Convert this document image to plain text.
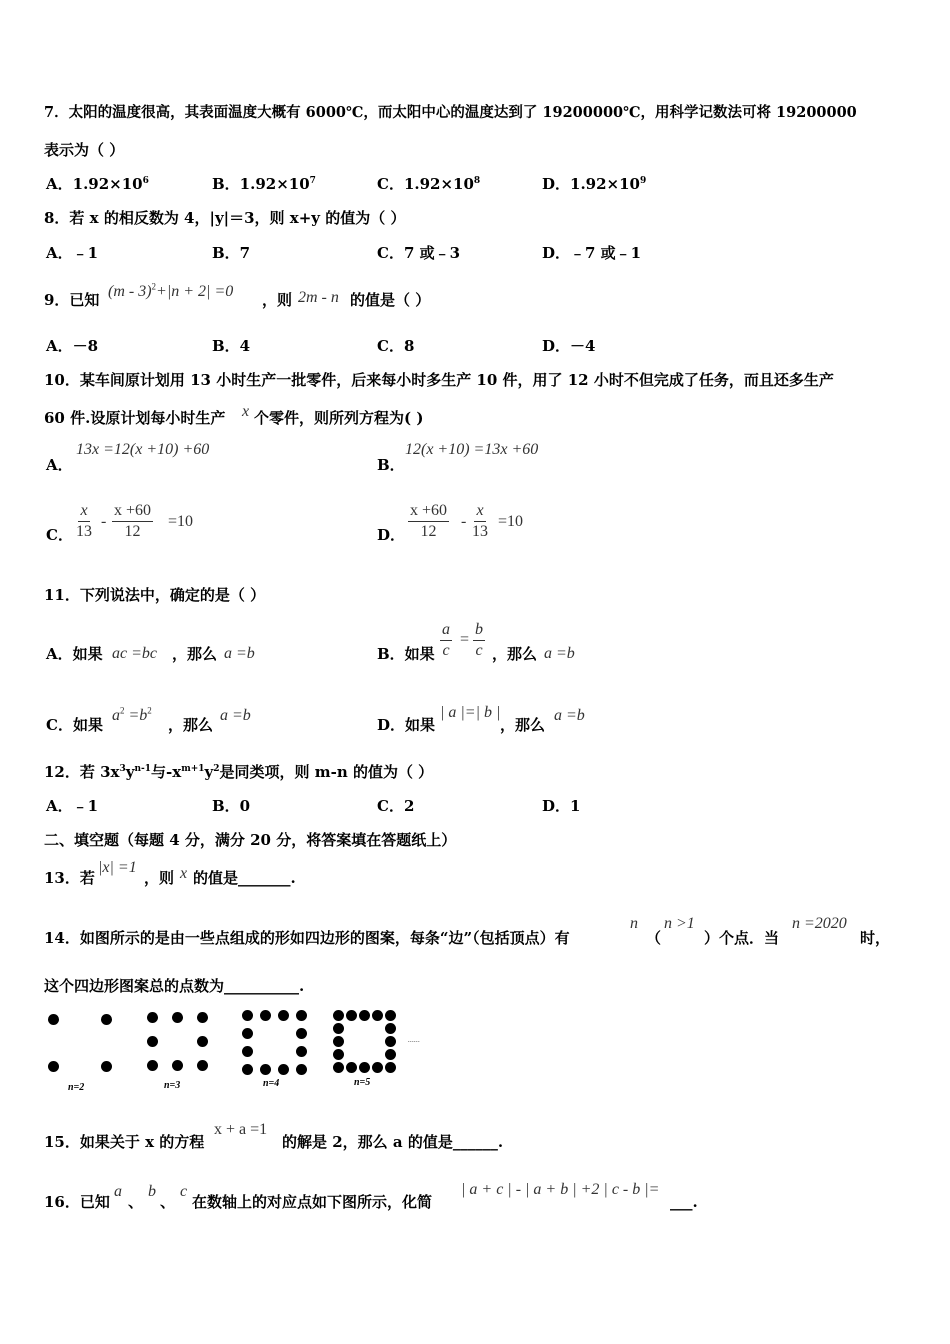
7．太阳的温度很高，其表面温度大概有 6000℃，而太阳中心的温度达到了 19200000℃，用科学记数法可将 19200000
表示为（ ）
A．$1.92\times 10^6$	B．$1.92\times 10^7$	C．$1.92\times 10^8$	D．$1.92\times 10^9$
8．若 x 的相反数为 4，|y|＝3，则 x+y 的值为（ ）
A．﹣1	B．7	C．7 或﹣3	D．﹣7 或﹣1
9．已知 (m - 3)$^2$+|n + 2| =0 ，则 2m - n 的值是（ ）
A．－8	B．4	C．8	D．－4
10．某车间原计划用 13 小时生产一批零件，后来每小时多生产 10 件，用了 12 小时不但完成了任务，而且还多生产
60 件.设原计划每小时生产 x 个零件，则所列方程为( )
A．
13x =12(x +10) +60
B．
12(x +10) =13x +60
C． $\frac{x}{13} - \frac{x +60}{12} =10$
D． $\frac{x +60}{12} - \frac{x}{13} =10$
11．下列说法中，确定的是（ ）
A．如果 ac =bc ，那么 a =b	B．如果 $\frac{a}{c} = \frac{b}{c}$ ，那么 a =b
C．如果
$a^2 =b^2$
，那么
a =b
D．如果
| a |=| b |
，那么
a =b
12．若 $3x^3y^{n-1}$与$-x^{m+1}y^2$是同类项，则 m-n 的值为（ ）
A．﹣1	B．0	C．2	D．1
二、填空题（每题 4 分，满分 20 分，将答案填在答题纸上）
13．若
|x| =1
，则 x 的值是_______.
14．如图所示的是由一些点组成的形如四边形的图案，每条“边”（包括顶点）有
n
（
n >1
）个点．当
n =2020
时，
这个四边形图案总的点数为__________.
n=2	n=3	n=4	n=5
……
15．如果关于 x 的方程
x + a =1
的解是 2，那么 a 的值是______.
16．已知
a
、
b
、
c
在数轴上的对应点如下图所示，化简
| a + c | - | a + b | +2 | c - b |=
___.
